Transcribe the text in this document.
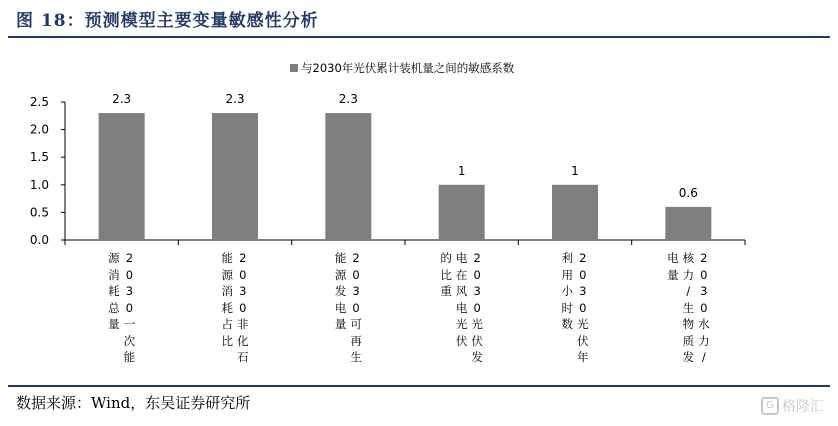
图 18：预测模型主要变量敏感性分析
与2030年光伏累计装机量之间的敏感系数
0.0
0.5
1.0
1.5
2.0
2.5	2.3	2.3	2.3
1	1
0.6
2
0
3
0
一
次
能
源
消
耗
总
量
2
0
3
0
非
化
石
能
源
消
耗
占
比
2
0
3
0
可
再
生
能
源
发
电
量
2
0
3
0
光
伏
发
电
在
风
电
光
伏
的
比
重
2
0
3
0
光
伏
年
利
用
小
时
数
2
0
3
0
水
力
/
核
力
/
生
物
质
发
电
量
数据来源：Wind，东吴证券研究所	G 格隆汇
